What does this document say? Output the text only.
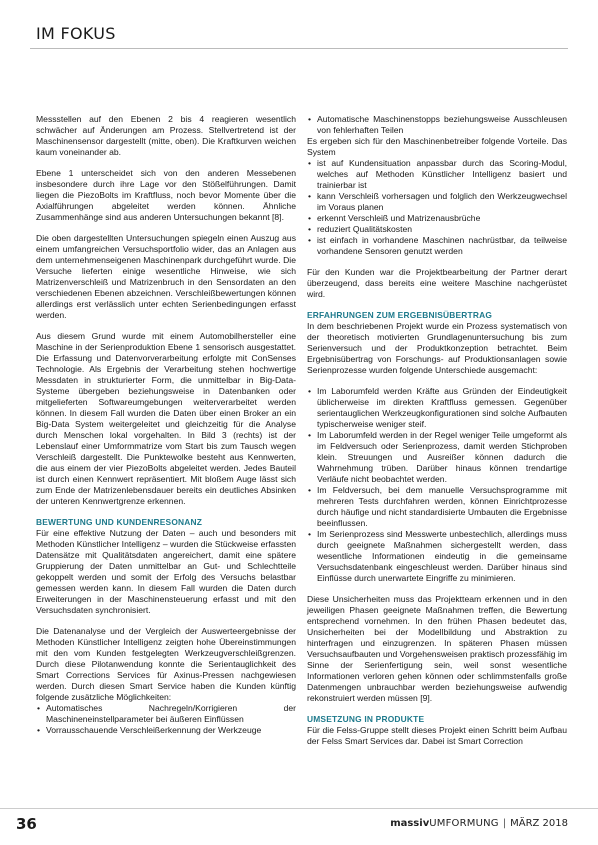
IM FOKUS

Messstellen auf den Ebenen 2 bis 4 reagieren wesentlich schwächer auf Änderungen am Prozess. Stellvertretend ist der Maschinensensor dargestellt (mitte, oben). Die Kraftkurven weichen kaum voneinander ab.

Ebene 1 unterscheidet sich von den anderen Messebenen insbesondere durch ihre Lage vor den Stößelführungen. Damit liegen die PiezoBolts im Kraftfluss, noch bevor Momente über die Axialführungen abgeleitet werden können. Ähnliche Zusammenhänge sind aus anderen Untersuchungen bekannt [8].

Die oben dargestellten Untersuchungen spiegeln einen Auszug aus einem umfangreichen Versuchsportfolio wider, das an Anlagen aus dem unternehmenseigenen Maschinenpark durchgeführt wurde. Die Versuche lieferten einige wesentliche Hinweise, wie sich Matrizenverschleiß und Matrizenbruch in den Sensordaten an den verschiedenen Ebenen abzeichnen. Verschleißbewertungen können allerdings erst verlässlich unter echten Serienbedingungen erfasst werden.

Aus diesem Grund wurde mit einem Automobilhersteller eine Maschine in der Serienproduktion Ebene 1 sensorisch ausgestattet. Die Erfassung und Datenvorverarbeitung erfolgte mit ConSenses Technologie. Als Ergebnis der Verarbeitung stehen hochwertige Messdaten in strukturierter Form, die unmittelbar in Big-Data-Systeme übergeben beziehungsweise in Datenbanken oder mitgelieferten Softwareumgebungen weiterverarbeitet werden können. In diesem Fall wurden die Daten über einen Broker an ein Big-Data System weitergeleitet und gleichzeitig für die Analyse durch Menschen lokal vorgehalten. In Bild 3 (rechts) ist der Lebenslauf einer Umformmatrize vom Start bis zum Tausch wegen Verschleiß dargestellt. Die Punktewolke besteht aus Kennwerten, die aus einem der vier PiezoBolts abgeleitet werden. Jedes Bauteil ist durch einen Kennwert repräsentiert. Mit bloßem Auge lässt sich zum Ende der Matrizenlebensdauer bereits ein deutliches Absinken der unteren Kennwertgrenze erkennen.

BEWERTUNG UND KUNDENRESONANZ

Für eine effektive Nutzung der Daten – auch und besonders mit Methoden Künstlicher Intelligenz – wurden die Stückweise erfassten Datensätze mit Qualitätsdaten angereichert, damit eine spätere Gruppierung der Daten unmittelbar an Gut- und Schlechtteile gekoppelt werden und somit der Erfolg des Versuchs belastbar gemessen werden kann. In diesem Fall wurden die Daten durch Erweiterungen in der Maschinensteuerung erfasst und mit den Versuchsdaten synchronisiert.

Die Datenanalyse und der Vergleich der Auswerteergebnisse der Methoden Künstlicher Intelligenz zeigten hohe Übereinstimmungen mit den vom Kunden festgelegten Werkzeugverschleißgrenzen. Durch diese Pilotanwendung konnte die Serientauglichkeit des Smart Corrections Services für Axinus-Pressen nachgewiesen werden. Durch diesen Smart Service haben die Kunden künftig folgende zusätzliche Möglichkeiten:

• Automatisches Nachregeln/Korrigieren der Maschineneinstellparameter bei äußeren Einflüssen
• Vorrausschauende Verschleißerkennung der Werkzeuge
• Automatische Maschinenstopps beziehungsweise Ausschleusen von fehlerhaften Teilen

Es ergeben sich für den Maschinenbetreiber folgende Vorteile. Das System

• ist auf Kundensituation anpassbar durch das Scoring-Modul, welches auf Methoden Künstlicher Intelligenz basiert und trainierbar ist
• kann Verschleiß vorhersagen und folglich den Werkzeugwechsel im Voraus planen
• erkennt Verschleiß und Matrizenausbrüche
• reduziert Qualitätskosten
• ist einfach in vorhandene Maschinen nachrüstbar, da teilweise vorhandene Sensoren genutzt werden

Für den Kunden war die Projektbearbeitung der Partner derart überzeugend, dass bereits eine weitere Maschine nachgerüstet wird.

ERFAHRUNGEN ZUM ERGEBNISÜBERTRAG

In dem beschriebenen Projekt wurde ein Prozess systematisch von der theoretisch motivierten Grundlagenuntersuchung bis zum Serienversuch und der Produktkonzeption betrachtet. Beim Ergebnisübertrag von Forschungs- auf Produktionsanlagen sowie Serienprozesse wurden folgende Unterschiede ausgemacht:

• Im Laborumfeld werden Kräfte aus Gründen der Eindeutigkeit üblicherweise im direkten Kraftfluss gemessen. Gegenüber serientauglichen Werkzeugkonfigurationen sind solche Aufbauten typischerweise weniger steif.
• Im Laborumfeld werden in der Regel weniger Teile umgeformt als im Feldversuch oder Serienprozess, damit werden Stichproben klein. Streuungen und Ausreißer können dadurch die Wahrnehmung trüben. Darüber hinaus können trendartige Verläufe nicht beobachtet werden.
• Im Feldversuch, bei dem manuelle Versuchsprogramme mit mehreren Tests durchfahren werden, können Einrichtprozesse durch häufige und nicht standardisierte Umbauten die Ergebnisse beeinflussen.
• Im Serienprozess sind Messwerte unbestechlich, allerdings muss durch geeignete Maßnahmen sichergestellt werden, dass wesentliche Informationen eindeutig in die gemeinsame Versuchsdatenbank eingeschleust werden. Darüber hinaus sind Einflüsse durch unerwartete Eingriffe zu minimieren.

Diese Unsicherheiten muss das Projektteam erkennen und in den jeweiligen Phasen geeignete Maßnahmen treffen, die Bewertung entsprechend vornehmen. In den frühen Phasen bedeutet das, Unsicherheiten bei der Modellbildung und Abstraktion zu hinterfragen und einzugrenzen. In späteren Phasen müssen Versuchsaufbauten und Vorgehensweisen praktisch prozessfähig im Sinne der Serienfertigung sein, weil sonst wesentliche Informationen verloren gehen können oder schlimmstenfalls große Datenmengen unbrauchbar werden beziehungsweise aufwendig rekonstruiert werden müssen [9].

UMSETZUNG IN PRODUKTE

Für die Felss-Gruppe stellt dieses Projekt einen Schritt beim Aufbau der Felss Smart Services dar. Dabei ist Smart Correction

36	massivUMFORMUNG | MÄRZ 2018
